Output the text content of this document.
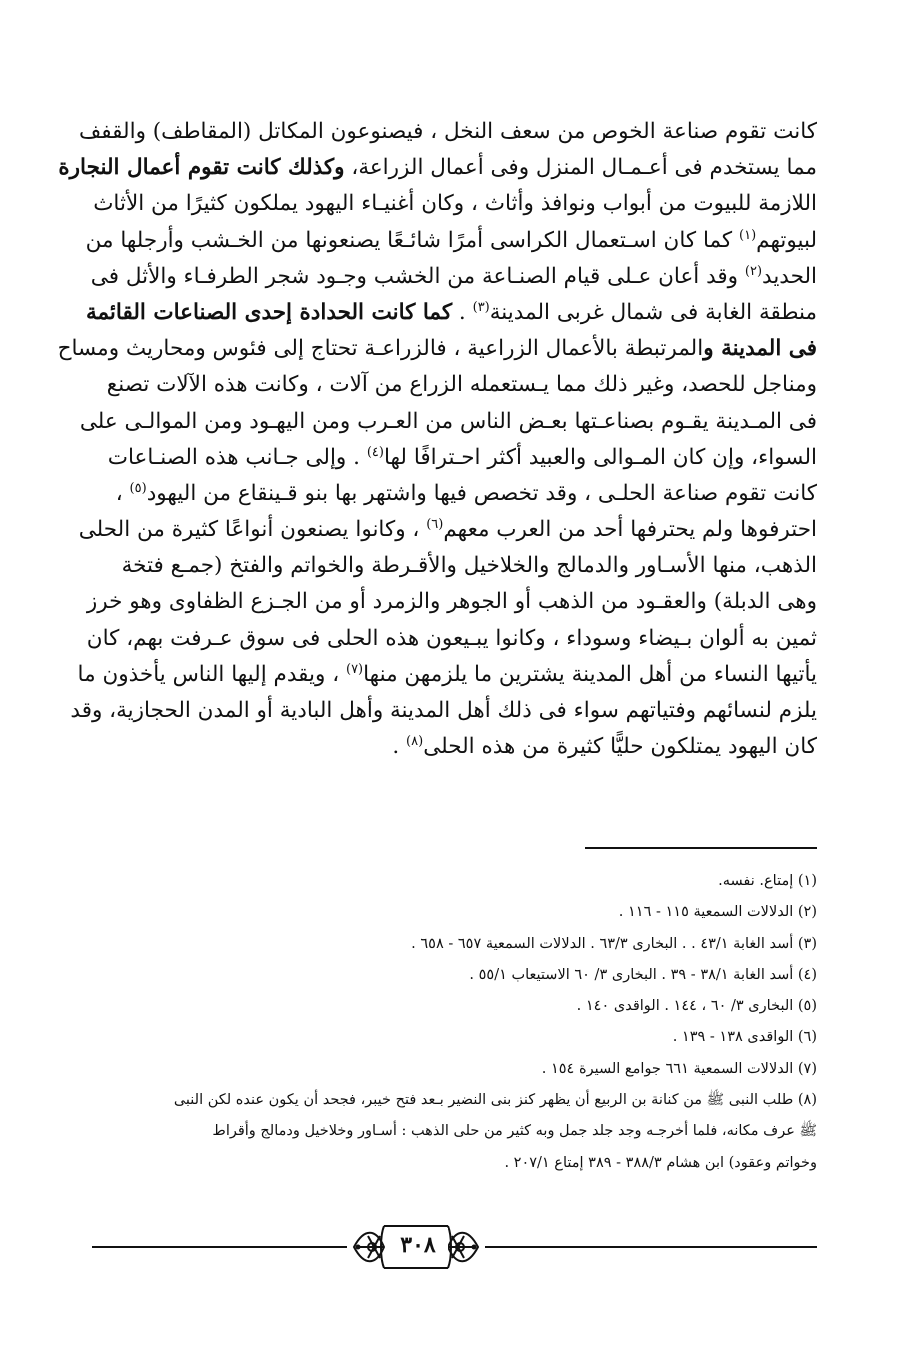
كانت تقوم صناعة الخوص من سعف النخل ، فيصنوعون المكاتل (المقاطف) والقفف
مما يستخدم فى أعـمـال المنزل وفى أعمال الزراعة، وكذلك كانت تقوم أعمال النجارة
اللازمة للبيوت من أبواب ونوافذ وأثاث ، وكان أغنيـاء اليهود يملكون كثيرًا من الأثاث
لبيوتهم$^{(١)}$ كما كان اسـتعمال الكراسى أمرًا شائـعًا يصنعونها من الخـشب وأرجلها من
الحديد$^{(٢)}$ وقد أعان عـلى قيام الصنـاعة من الخشب وجـود شجر الطرفـاء والأثل فى
منطقة الغابة فى شمال غربى المدينة$^{(٣)}$ . كما كانت الحدادة إحدى الصناعات القائمة
فى المدينة والمرتبطة بالأعمال الزراعية ، فالزراعـة تحتاج إلى فئوس ومحاريث ومساح
ومناجل للحصد، وغير ذلك مما يـستعمله الزراع من آلات ، وكانت هذه الآلات تصنع
فى المـدينة يقـوم بصناعـتها بعـض الناس من العـرب ومن اليهـود ومن الموالـى على
السواء، وإن كان المـوالى والعبيد أكثر احـترافًا لها$^{(٤)}$ . وإلى جـانب هذه الصنـاعات
كانت تقوم صناعة الحلـى ، وقد تخصص فيها واشتهر بها بنو قـينقاع من اليهود$^{(٥)}$ ،
احترفوها ولم يحترفها أحد من العرب معهم$^{(٦)}$ ، وكانوا يصنعون أنواعًا كثيرة من الحلى
الذهب، منها الأسـاور والدمالج والخلاخيل والأقـرطة والخواتم والفتخ (جمـع فتخة
وهى الدبلة) والعقـود من الذهب أو الجوهر والزمرد أو من الجـزع الظفاوى وهو خرز
ثمين به ألوان بـيضاء وسوداء ، وكانوا يبـيعون هذه الحلى فى سوق عـرفت بهم، كان
يأتيها النساء من أهل المدينة يشترين ما يلزمهن منها$^{(٧)}$ ، ويقدم إليها الناس يأخذون ما
يلزم لنسائهم وفتياتهم سواء فى ذلك أهل المدينة وأهل البادية أو المدن الحجازية، وقد
كان اليهود يمتلكون حليًّا كثيرة من هذه الحلى$^{(٨)}$ .
(١) إمتاع. نفسه.
(٢) الدلالات السمعية ١١٥ - ١١٦ .
(٣) أسد الغابة ٤٣/١ . . البخارى ٦٣/٣ . الدلالات السمعية ٦٥٧ - ٦٥٨ .
(٤) أسد الغابة ٣٨/١ - ٣٩ . البخارى ٣/ ٦٠ الاستيعاب ٥٥/١ .
(٥) البخارى ٣/ ٦٠ ، ١٤٤ . الواقدى ١٤٠ .
(٦) الواقدى ١٣٨ - ١٣٩ .
(٧) الدلالات السمعية ٦٦١ جوامع السيرة ١٥٤ .
(٨) طلب النبى ﷺ من كنانة بن الربيع أن يظهر كنز بنى النضير بـعد فتح خيبر، فجحد أن يكون عنده لكن النبى
ﷺ عرف مكانه، فلما أخرجـه وجد جلد جمل وبه كثير من حلى الذهب : أسـاور وخلاخيل ودمالج وأقراط
وخواتم وعقود) ابن هشام ٣٨٨/٣ - ٣٨٩ إمتاع ٢٠٧/١ .
٣٠٨
